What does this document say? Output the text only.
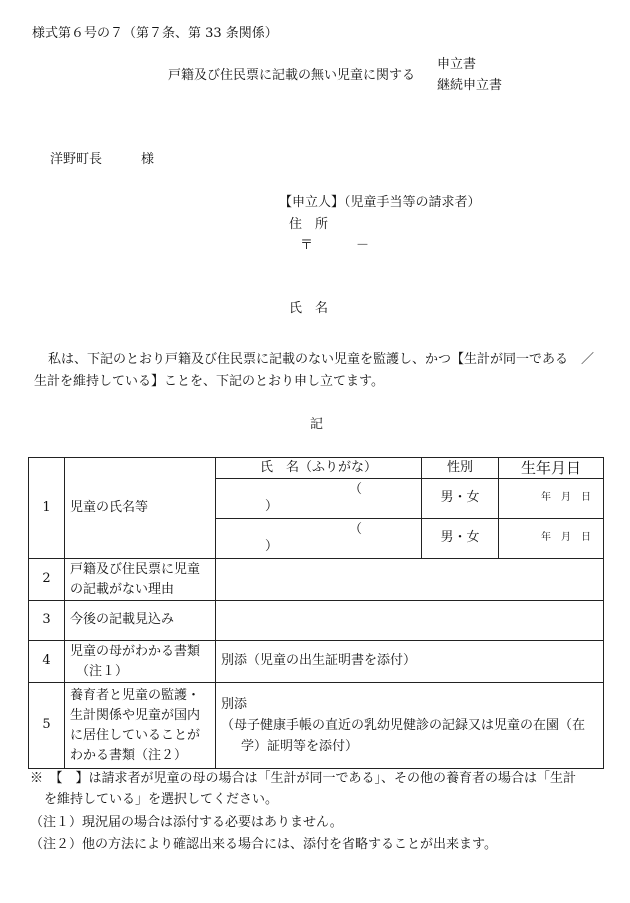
様式第６号の７（第７条、第 33 条関係）
戸籍及び住民票に記載の無い児童に関する
申立書
継続申立書
洋野町長	様
【申立人】（児童手当等の請求者）
住　所
〒	－
氏　名
私は、下記のとおり戸籍及び住民票に記載のない児童を監護し、かつ【生計が同一である　／
生計を維持している】ことを、下記のとおり申し立てます。
記
1	児童の氏名等	氏　名（ふりがな）	性別	生年月日
		（）	男・女	年　月　日
		（）	男・女	年　月　日
2	戸籍及び住民票に児童
の記載がない理由			
3	今後の記載見込み			
4	児童の母がわかる書類
（注１）	別添（児童の出生証明書を添付）		
5	養育者と児童の監護・
生計関係や児童が国内
に居住していることが
わかる書類（注２）	別添
（母子健康手帳の直近の乳幼児健診の記録又は児童の在園（在
学）証明等を添付）		
※　【　】は請求者が児童の母の場合は「生計が同一である」、その他の養育者の場合は「生計
を維持している」を選択してください。
（注１）現況届の場合は添付する必要はありません。
（注２）他の方法により確認出来る場合には、添付を省略することが出来ます。
